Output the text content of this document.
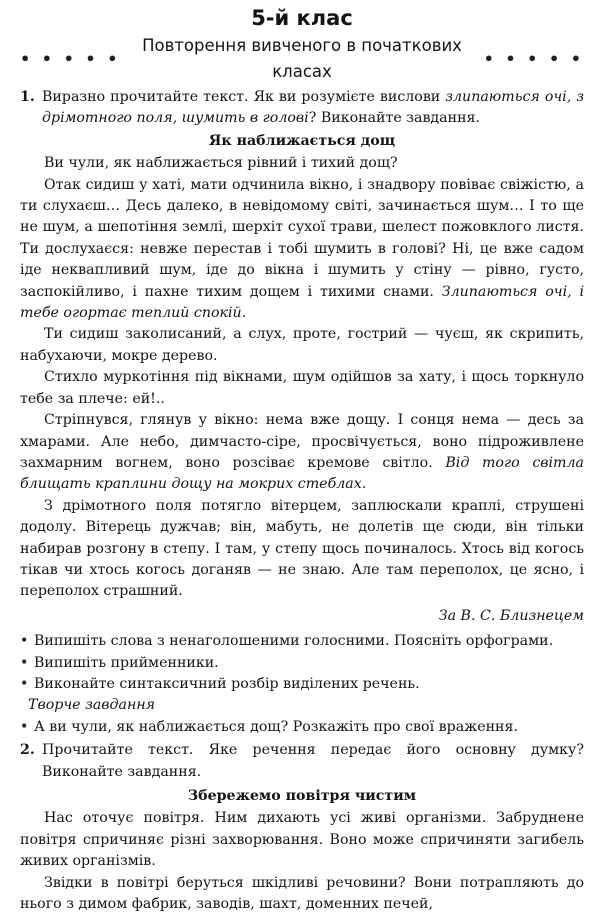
5-й клас
• • • • •
Повторення вивченого в початкових класах
• • • • •
1. Виразно прочитайте текст. Як ви розумієте вислови злипаються очі, з дрімотного поля, шумить в голові? Виконайте завдання.
Як наближається дощ

Ви чули, як наближається рівний і тихий дощ?

Отак сидиш у хаті, мати одчинила вікно, і знадвору повіває свіжістю, а ти слухаєш… Десь далеко, в невідомому світі, зачинається шум… І то ще не шум, а шепотіння землі, шерхіт сухої трави, шелест пожовклого листя. Ти дослухаєся: невже перестав і тобі шумить в голові? Ні, це вже садом іде неквапливий шум, іде до вікна і шумить у стіну — рівно, густо, заспокійливо, і пахне тихим дощем і тихими снами. Злипаються очі, і тебе огортає теплий спокій.

Ти сидиш заколисаний, а слух, проте, гострий — чуєш, як скрипить, набухаючи, мокре дерево.

Стихло муркотіння під вікнами, шум одійшов за хату, і щось торкнуло тебе за плече: ей!..

Стріпнувся, глянув у вікно: нема вже дощу. І сонця нема — десь за хмарами. Але небо, димчасто-сіре, просвічується, воно підроживлене захмарним вогнем, воно розсіває кремове світло. Від того світла блищать краплини дощу на мокрих стеблах.

З дрімотного поля потягло вітерцем, заплюскали краплі, струшені додолу. Вітерець дужчав; він, мабуть, не долетів ще сюди, він тільки набирав розгону в степу. І там, у степу щось починалось. Хтось від когось тікав чи хтось когось доганяв — не знаю. Але там переполох, це ясно, і переполох страшний.

За В. С. Близнецем
• Випишіть слова з ненаголошеними голосними. Поясніть орфограми.
• Випишіть прийменники.
• Виконайте синтаксичний розбір виділених речень.
Творче завдання
• А ви чули, як наближається дощ? Розкажіть про свої враження.
2. Прочитайте текст. Яке речення передає його основну думку? Виконайте завдання.
Збережемо повітря чистим

Нас оточує повітря. Ним дихають усі живі організми. Забруднене повітря спричиняє різні захворювання. Воно може спричиняти загибель живих організмів.

Звідки в повітрі беруться шкідливі речовини? Вони потрапляють до нього з димом фабрик, заводів, шахт, доменних печей,
